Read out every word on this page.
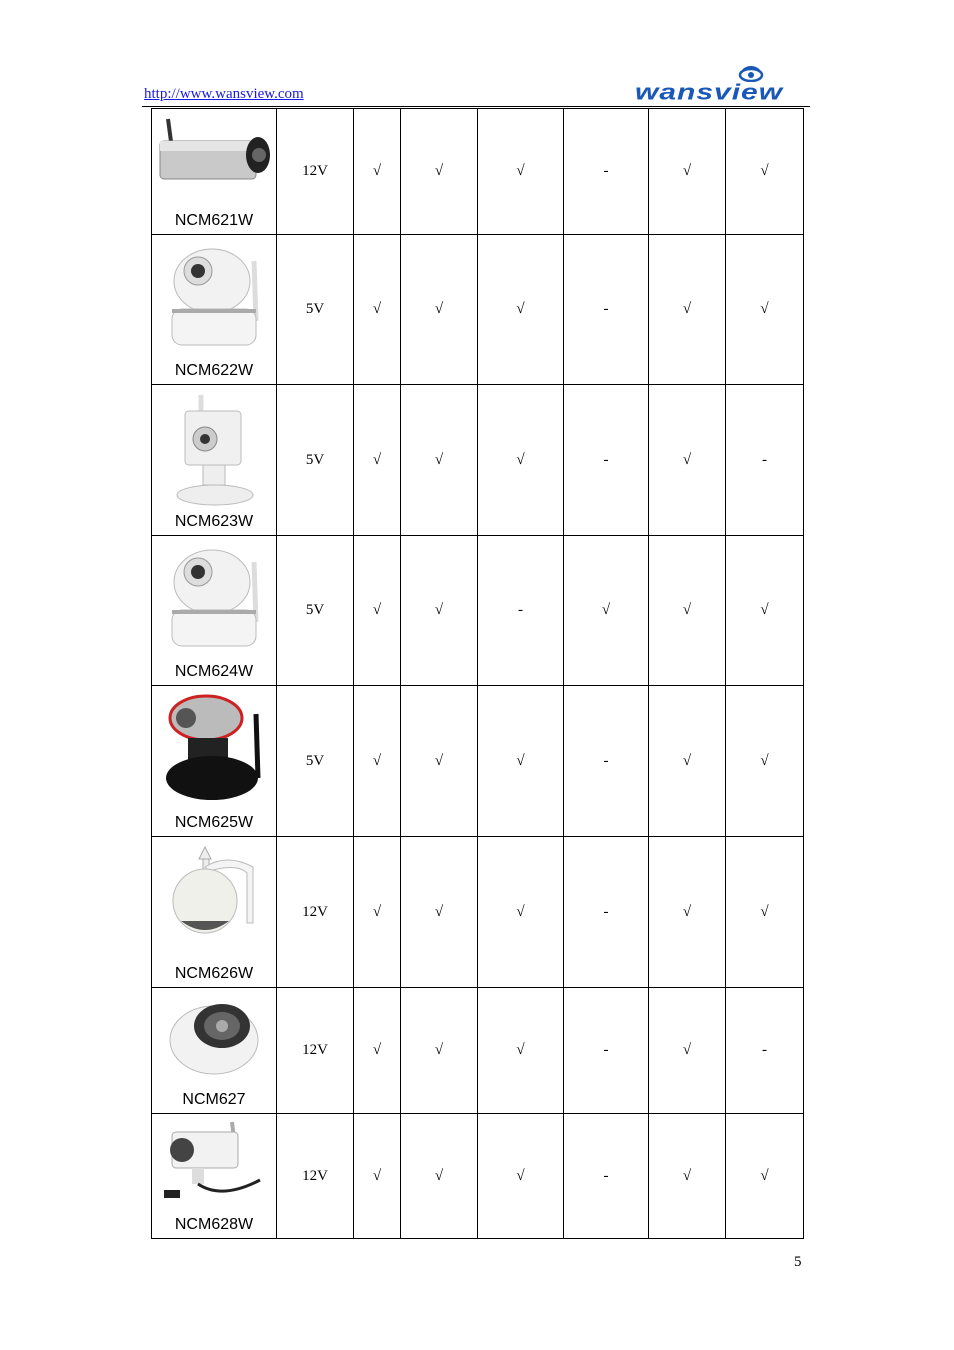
http://www.wansview.com	wansview
NCM621W	12V	√	√	√	-	√	√

NCM622W	5V	√	√	√	-	√	√

NCM623W	5V	√	√	√	-	√	-

NCM624W	5V	√	√	-	√	√	√

NCM625W	5V	√	√	√	-	√	√

NCM626W	12V	√	√	√	-	√	√

NCM627	12V	√	√	√	-	√	-

NCM628W	12V	√	√	√	-	√	√
5
